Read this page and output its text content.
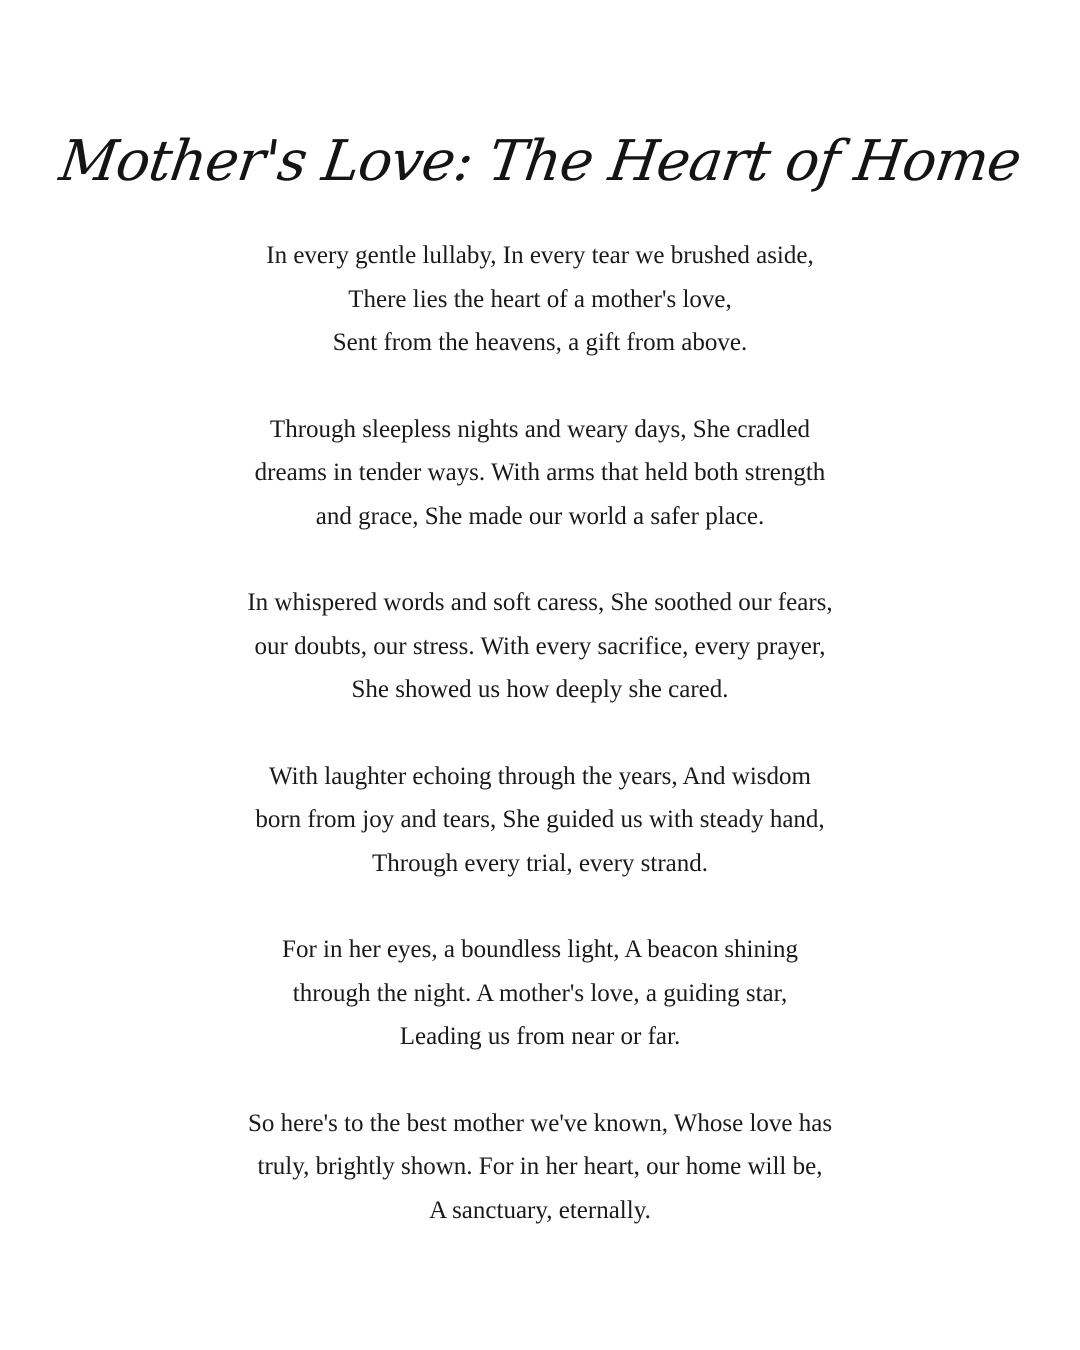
Mother's Love: The Heart of Home
In every gentle lullaby, In every tear we brushed aside,
There lies the heart of a mother's love,
Sent from the heavens, a gift from above.
Through sleepless nights and weary days, She cradled
dreams in tender ways. With arms that held both strength
and grace, She made our world a safer place.
In whispered words and soft caress, She soothed our fears,
our doubts, our stress. With every sacrifice, every prayer,
She showed us how deeply she cared.
With laughter echoing through the years, And wisdom
born from joy and tears, She guided us with steady hand,
Through every trial, every strand.
For in her eyes, a boundless light, A beacon shining
through the night. A mother's love, a guiding star,
Leading us from near or far.
So here's to the best mother we've known, Whose love has
truly, brightly shown. For in her heart, our home will be,
A sanctuary, eternally.
